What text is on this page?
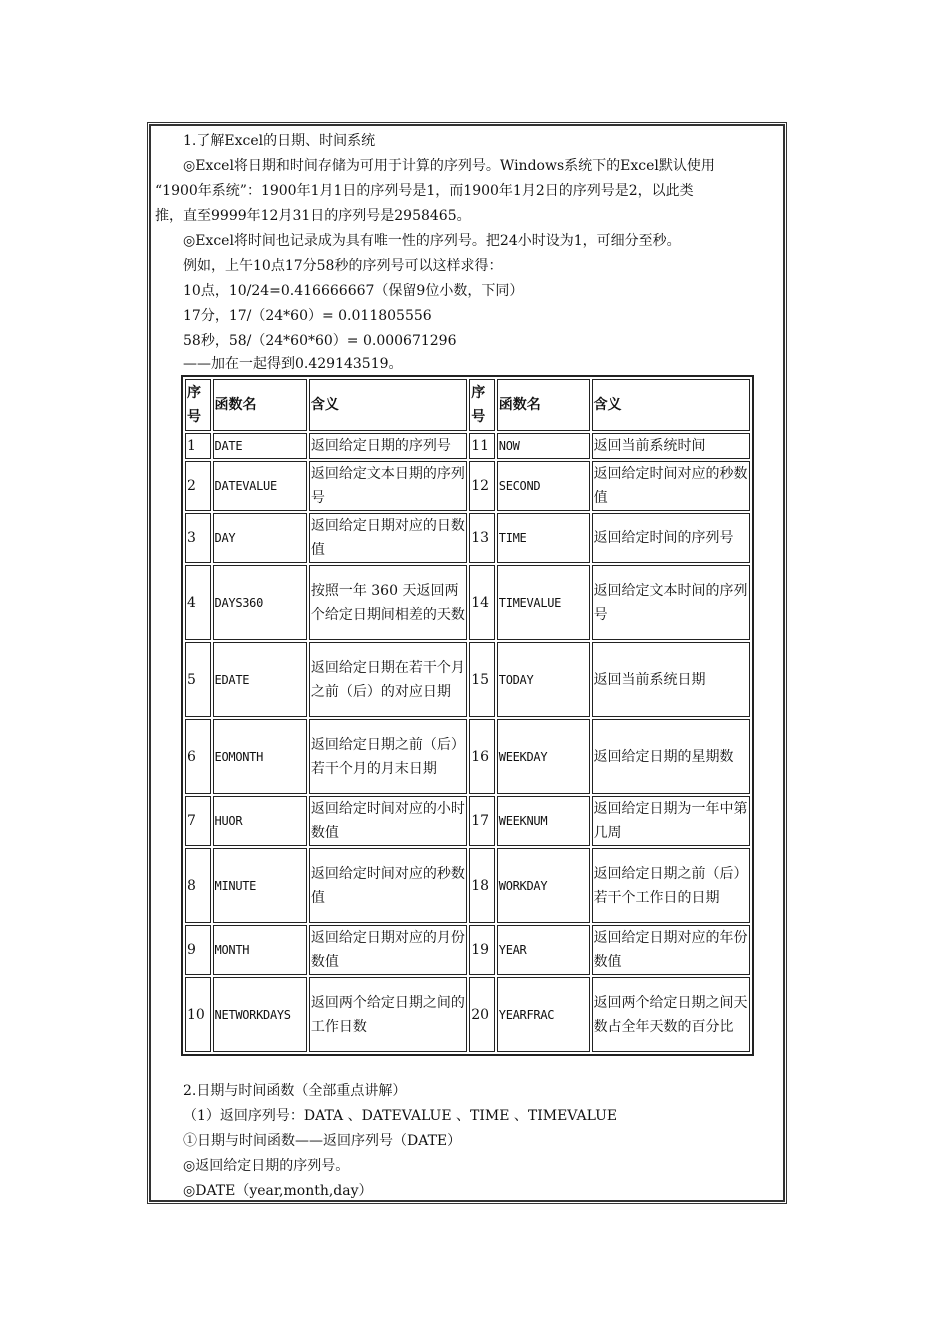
1.了解Excel的日期、时间系统
◎Excel将日期和时间存储为可用于计算的序列号。Windows系统下的Excel默认使用
“1900年系统”：1900年1月1日的序列号是1，而1900年1月2日的序列号是2，以此类
推，直至9999年12月31日的序列号是2958465。
◎Excel将时间也记录成为具有唯一性的序列号。把24小时设为1，可细分至秒。
例如，上午10点17分58秒的序列号可以这样求得：
10点，10/24=0.416666667（保留9位小数，下同）
17分，17/（24*60）= 0.011805556
58秒，58/（24*60*60）= 0.000671296
——加在一起得到0.429143519。
序号	函数名	含义	序号	函数名	含义
1	DATE	返回给定日期的序列号	11	NOW	返回当前系统时间
2	DATEVALUE	返回给定文本日期的序列号	12	SECOND	返回给定时间对应的秒数值
3	DAY	返回给定日期对应的日数值	13	TIME	返回给定时间的序列号
4	DAYS360	按照一年 360 天返回两个给定日期间相差的天数	14	TIMEVALUE	返回给定文本时间的序列号
5	EDATE	返回给定日期在若干个月之前（后）的对应日期	15	TODAY	返回当前系统日期
6	EOMONTH	返回给定日期之前（后）若干个月的月末日期	16	WEEKDAY	返回给定日期的星期数
7	HUOR	返回给定时间对应的小时数值	17	WEEKNUM	返回给定日期为一年中第几周
8	MINUTE	返回给定时间对应的秒数值	18	WORKDAY	返回给定日期之前（后）若干个工作日的日期
9	MONTH	返回给定日期对应的月份数值	19	YEAR	返回给定日期对应的年份数值
10	NETWORKDAYS	返回两个给定日期之间的工作日数	20	YEARFRAC	返回两个给定日期之间天数占全年天数的百分比
2.日期与时间函数（全部重点讲解）
（1）返回序列号：DATA 、DATEVALUE 、TIME 、TIMEVALUE
①日期与时间函数——返回序列号（DATE）
◎返回给定日期的序列号。
◎DATE（year,month,day）
